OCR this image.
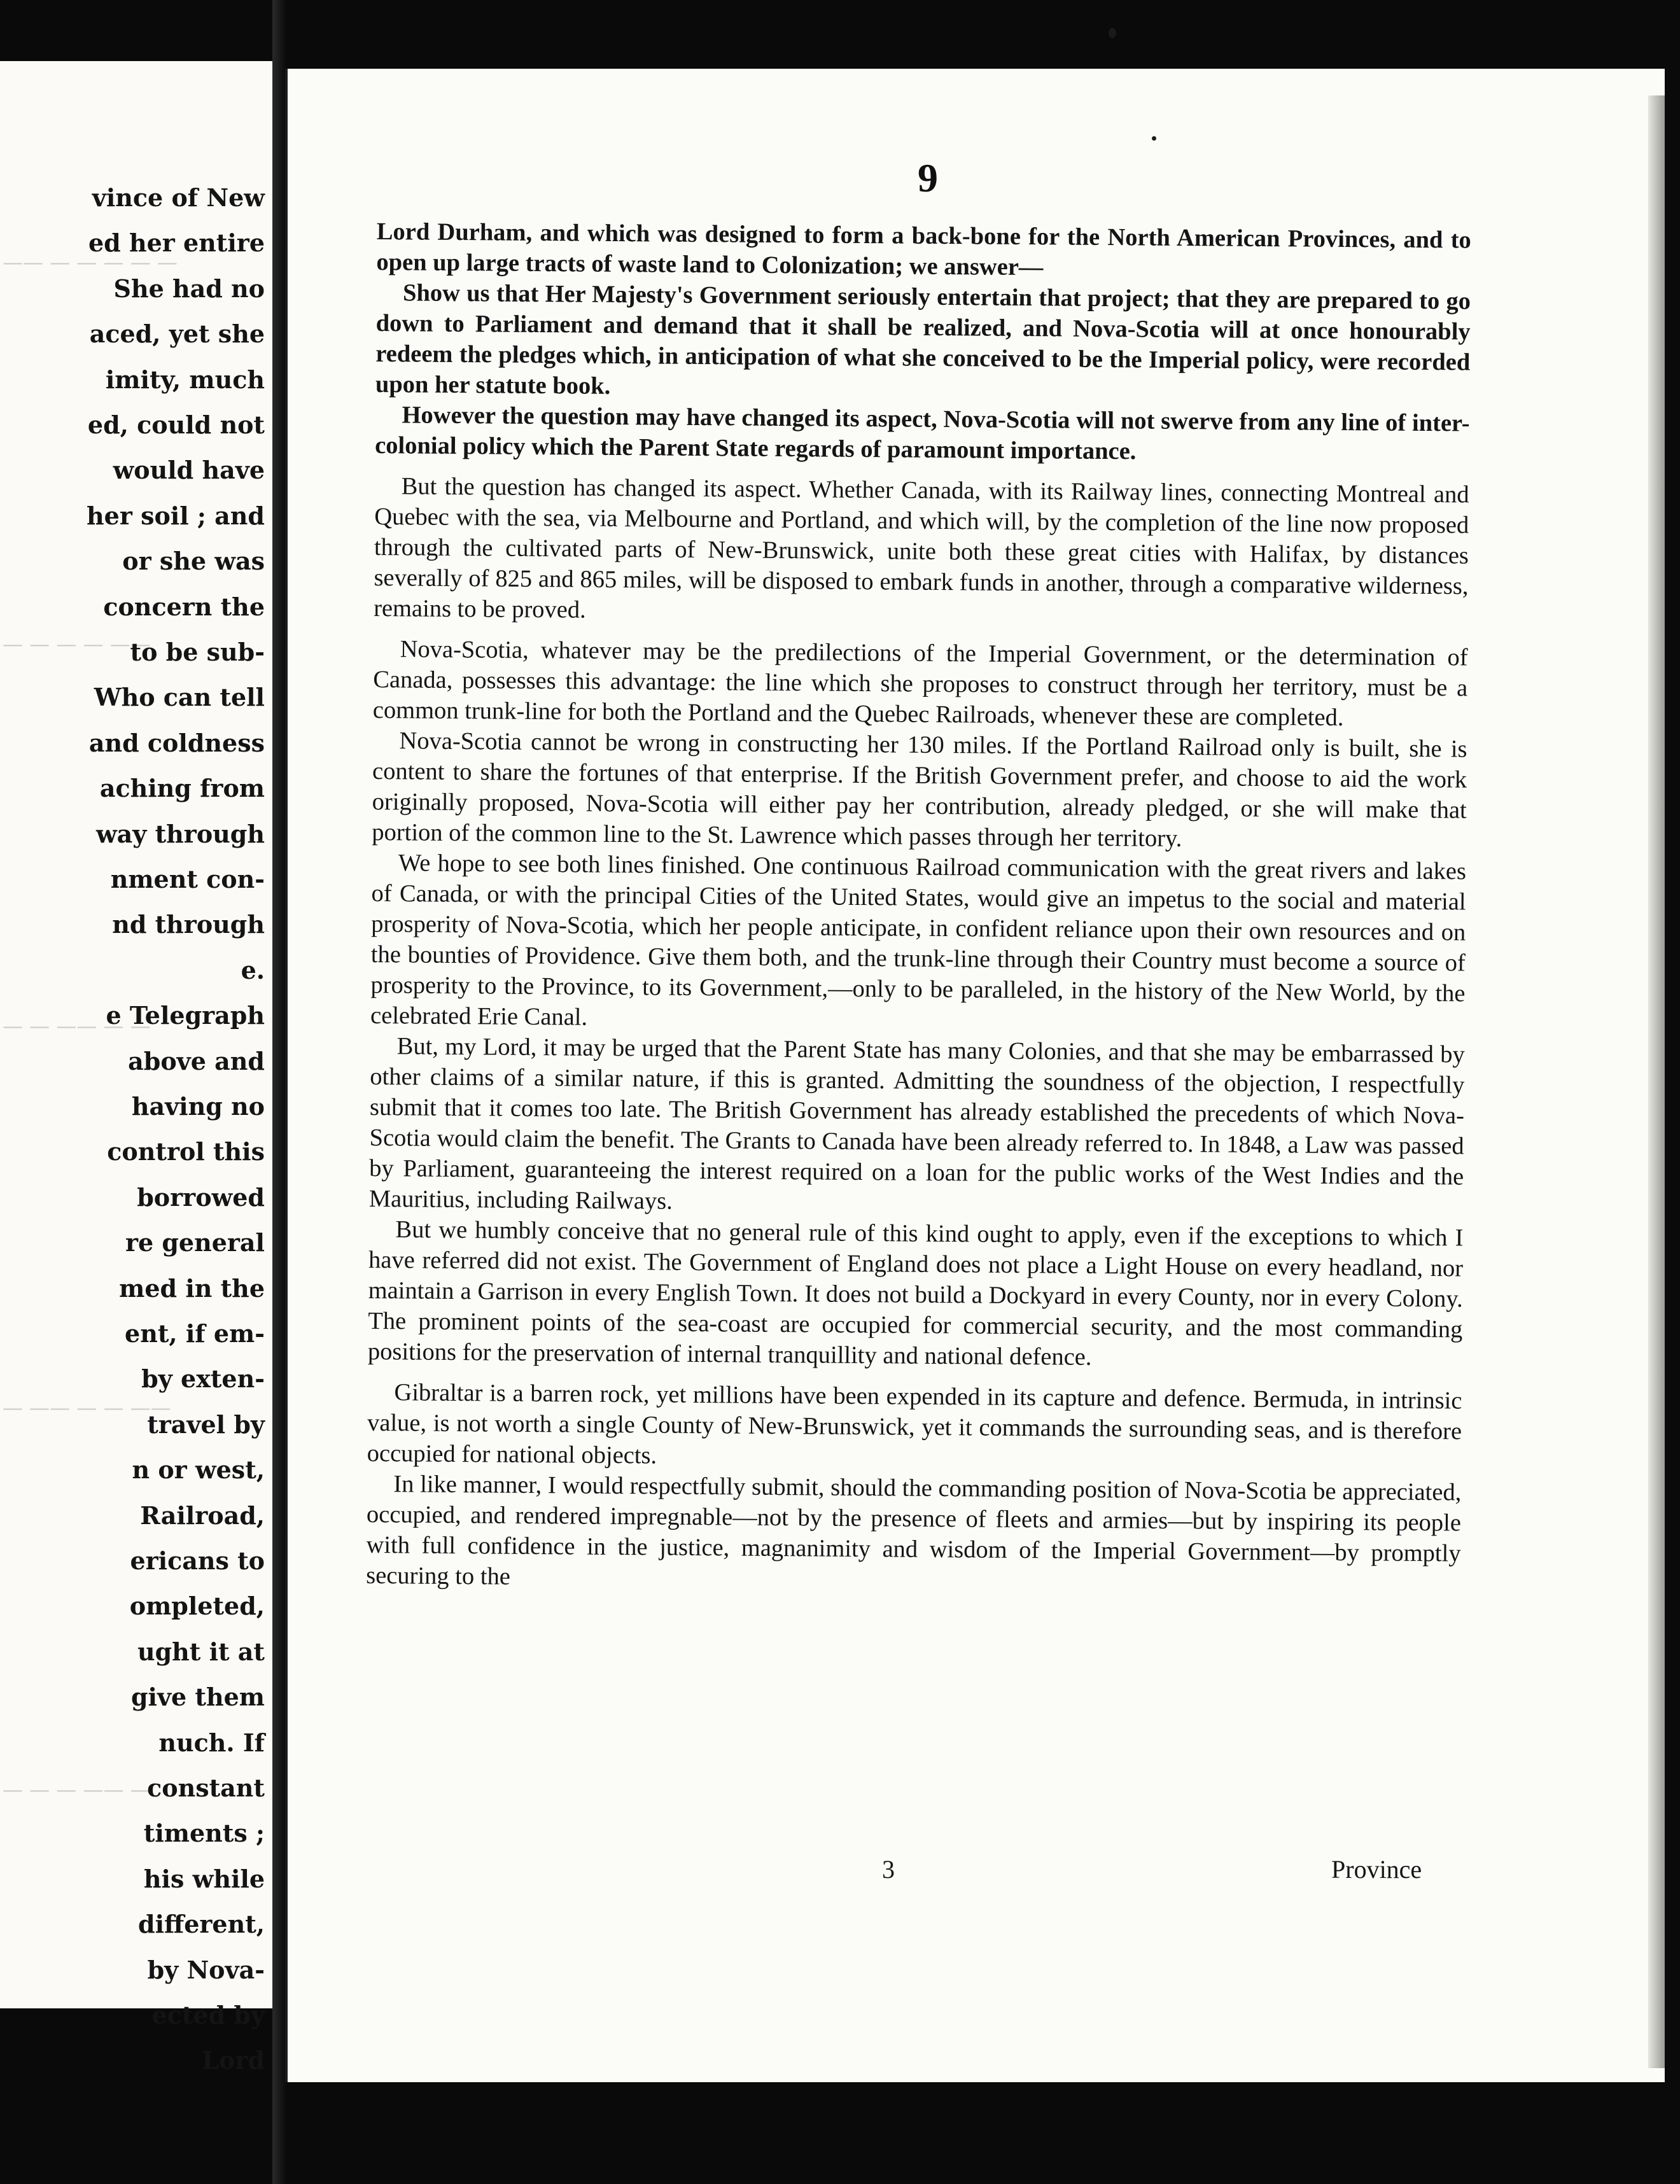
— — — — — ——
—— — — — —
— — —— — —
—— — — —— —
— —— — — —
vince of New
ed her entire
She had no
aced, yet she
imity, much
ed, could not
would have
her soil ; and
or she was
concern the
to be sub-
Who can tell
and coldness
aching from
way through
nment con-
nd through
e.
e Telegraph
above and
having no
control this
borrowed
re general
med in the
ent, if em-
by exten-
travel by
n or west,
Railroad,
ericans to
ompleted,
ught it at
give them
nuch. If
constant
timents ;
his while
different,
by Nova-
ected by
Lord
9

Lord Durham, and which was designed to form a back-bone for the North American Provinces, and to open up large tracts of waste land to Colonization; we answer—

Show us that Her Majesty's Government seriously entertain that project; that they are prepared to go down to Parliament and demand that it shall be realized, and Nova-Scotia will at once honourably redeem the pledges which, in anticipation of what she conceived to be the Imperial policy, were recorded upon her statute book.

However the question may have changed its aspect, Nova-Scotia will not swerve from any line of inter-colonial policy which the Parent State regards of paramount importance.

But the question has changed its aspect. Whether Canada, with its Railway lines, connecting Montreal and Quebec with the sea, via Melbourne and Portland, and which will, by the completion of the line now proposed through the cultivated parts of New-Brunswick, unite both these great cities with Halifax, by distances severally of 825 and 865 miles, will be disposed to embark funds in another, through a comparative wilderness, remains to be proved.

Nova-Scotia, whatever may be the predilections of the Imperial Government, or the determination of Canada, possesses this advantage: the line which she proposes to construct through her territory, must be a common trunk-line for both the Portland and the Quebec Railroads, whenever these are completed.

Nova-Scotia cannot be wrong in constructing her 130 miles. If the Portland Railroad only is built, she is content to share the fortunes of that enterprise. If the British Government prefer, and choose to aid the work originally proposed, Nova-Scotia will either pay her contribution, already pledged, or she will make that portion of the common line to the St. Lawrence which passes through her territory.

We hope to see both lines finished. One continuous Railroad communication with the great rivers and lakes of Canada, or with the principal Cities of the United States, would give an impetus to the social and material prosperity of Nova-Scotia, which her people anticipate, in confident reliance upon their own resources and on the bounties of Providence. Give them both, and the trunk-line through their Country must become a source of prosperity to the Province, to its Government,—only to be paralleled, in the history of the New World, by the celebrated Erie Canal.

But, my Lord, it may be urged that the Parent State has many Colonies, and that she may be embarrassed by other claims of a similar nature, if this is granted. Admitting the soundness of the objection, I respectfully submit that it comes too late. The British Government has already established the precedents of which Nova-Scotia would claim the benefit. The Grants to Canada have been already referred to. In 1848, a Law was passed by Parliament, guaranteeing the interest required on a loan for the public works of the West Indies and the Mauritius, including Railways.

But we humbly conceive that no general rule of this kind ought to apply, even if the exceptions to which I have referred did not exist. The Government of England does not place a Light House on every headland, nor maintain a Garrison in every English Town. It does not build a Dockyard in every County, nor in every Colony. The prominent points of the sea-coast are occupied for commercial security, and the most commanding positions for the preservation of internal tranquillity and national defence.

Gibraltar is a barren rock, yet millions have been expended in its capture and defence. Bermuda, in intrinsic value, is not worth a single County of New-Brunswick, yet it commands the surrounding seas, and is therefore occupied for national objects.

In like manner, I would respectfully submit, should the commanding position of Nova-Scotia be appreciated, occupied, and rendered impregnable—not by the presence of fleets and armies—but by inspiring its people with full confidence in the justice, magnanimity and wisdom of the Imperial Government—by promptly securing to the

3	Province
